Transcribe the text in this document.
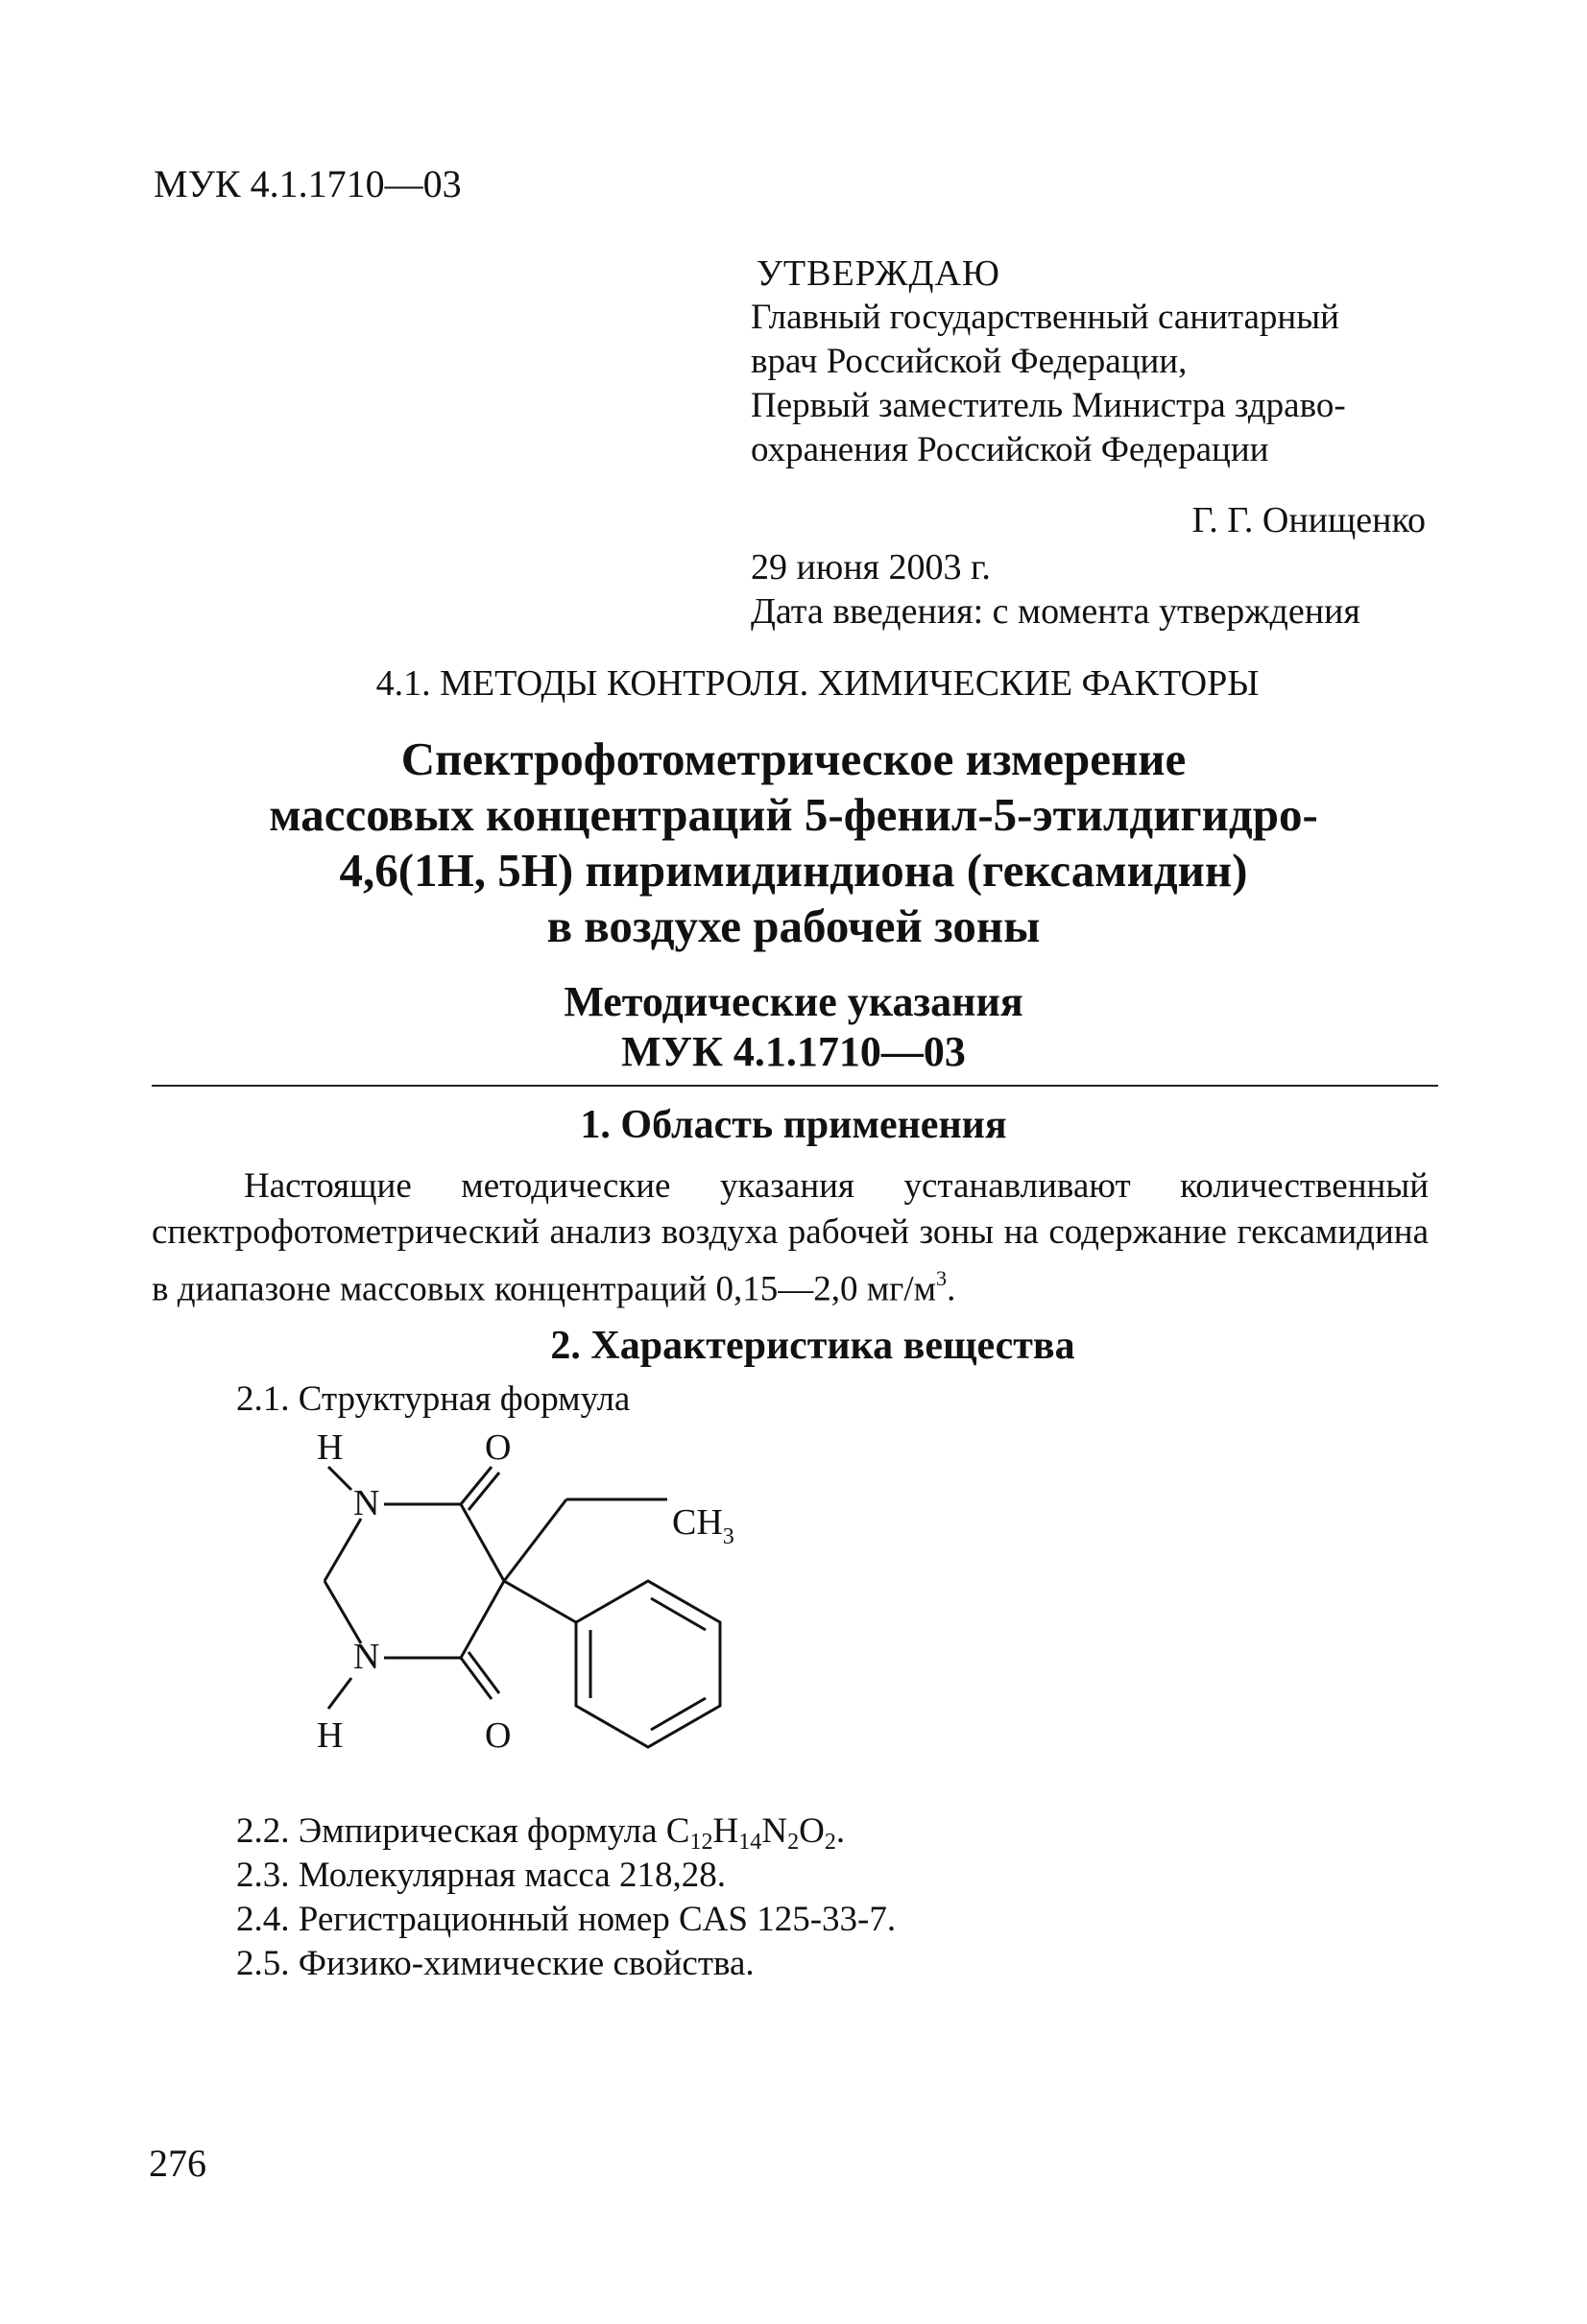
МУК 4.1.1710—03
УТВЕРЖДАЮ
Главный государственный санитарный
врач Российской Федерации,
Первый заместитель Министра здраво-
охранения Российской Федерации
Г. Г. Онищенко
29 июня 2003 г.
Дата введения: с момента утверждения
4.1. МЕТОДЫ КОНТРОЛЯ. ХИМИЧЕСКИЕ ФАКТОРЫ
Спектрофотометрическое измерение
массовых концентраций 5-фенил-5-этилдигидро-
4,6(1Н, 5Н) пиримидиндиона (гексамидин)
в воздухе рабочей зоны
Методические указания
МУК 4.1.1710—03
1. Область применения
Настоящие методические указания устанавливают количественный спектрофотометрический анализ воздуха рабочей зоны на содержание гексамидина в диапазоне массовых концентраций 0,15—2,0 $мг/м^3$.
2. Характеристика вещества
2.1. Структурная формула
H	O
N	$CH_3$
N
H	O
2.2. Эмпирическая формула $C_{12}H_{14}N_2O_2$.
2.3. Молекулярная масса 218,28.
2.4. Регистрационный номер CAS 125-33-7.
2.5. Физико-химические свойства.
276
